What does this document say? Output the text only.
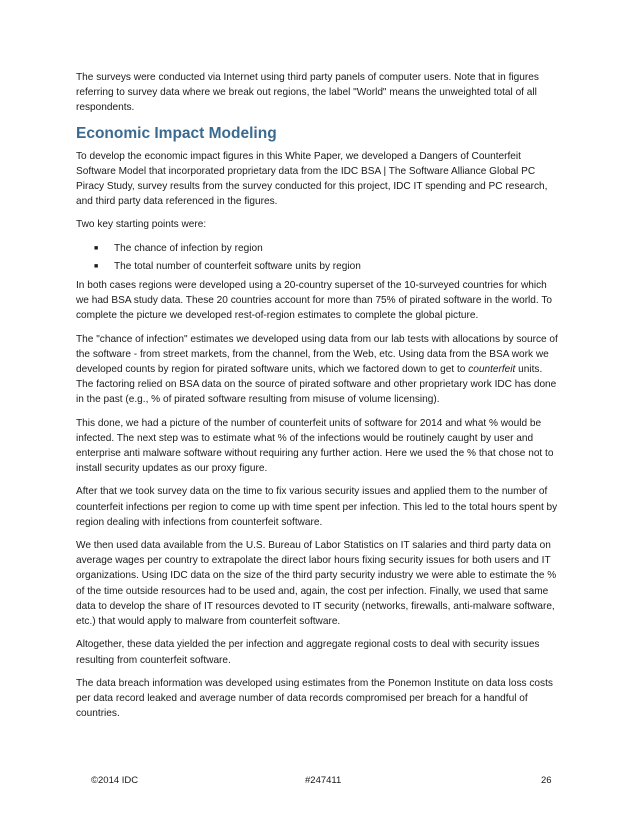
The surveys were conducted via Internet using third party panels of computer users. Note that in figures referring to survey data where we break out regions, the label "World" means the unweighted total of all respondents.

Economic Impact Modeling

To develop the economic impact figures in this White Paper, we developed a Dangers of Counterfeit Software Model that incorporated proprietary data from the IDC BSA | The Software Alliance Global PC Piracy Study, survey results from the survey conducted for this project, IDC IT spending and PC research, and third party data referenced in the figures.

Two key starting points were:

■ The chance of infection by region
■ The total number of counterfeit software units by region

In both cases regions were developed using a 20-country superset of the 10-surveyed countries for which we had BSA study data. These 20 countries account for more than 75% of pirated software in the world. To complete the picture we developed rest-of-region estimates to complete the global picture.

The "chance of infection" estimates we developed using data from our lab tests with allocations by source of the software - from street markets, from the channel, from the Web, etc. Using data from the BSA work we developed counts by region for pirated software units, which we factored down to get to counterfeit units. The factoring relied on BSA data on the source of pirated software and other proprietary work IDC has done in the past (e.g., % of pirated software resulting from misuse of volume licensing).

This done, we had a picture of the number of counterfeit units of software for 2014 and what % would be infected. The next step was to estimate what % of the infections would be routinely caught by user and enterprise anti malware software without requiring any further action. Here we used the % that chose not to install security updates as our proxy figure.

After that we took survey data on the time to fix various security issues and applied them to the number of counterfeit infections per region to come up with time spent per infection. This led to the total hours spent by region dealing with infections from counterfeit software.

We then used data available from the U.S. Bureau of Labor Statistics on IT salaries and third party data on average wages per country to extrapolate the direct labor hours fixing security issues for both users and IT organizations. Using IDC data on the size of the third party security industry we were able to estimate the % of the time outside resources had to be used and, again, the cost per infection. Finally, we used that same data to develop the share of IT resources devoted to IT security (networks, firewalls, anti-malware software, etc.) that would apply to malware from counterfeit software.

Altogether, these data yielded the per infection and aggregate regional costs to deal with security issues resulting from counterfeit software.

The data breach information was developed using estimates from the Ponemon Institute on data loss costs per data record leaked and average number of data records compromised per breach for a handful of countries.

©2014 IDC	#247411	26
